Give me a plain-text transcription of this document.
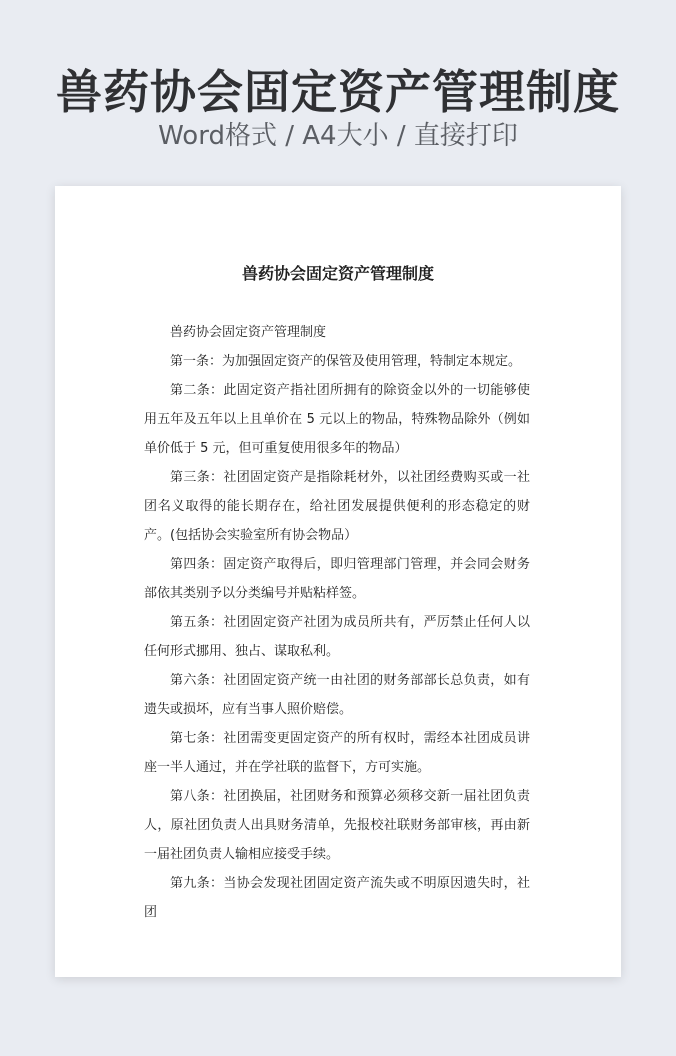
兽药协会固定资产管理制度
Word格式 / A4大小 / 直接打印
兽药协会固定资产管理制度

兽药协会固定资产管理制度

第一条：为加强固定资产的保管及使用管理，特制定本规定。

第二条：此固定资产指社团所拥有的除资金以外的一切能够使用五年及五年以上且单价在 5 元以上的物品，特殊物品除外（例如单价低于 5 元，但可重复使用很多年的物品）

第三条：社团固定资产是指除耗材外，以社团经费购买或一社团名义取得的能长期存在，给社团发展提供便利的形态稳定的财产。(包括协会实验室所有协会物品）

第四条：固定资产取得后，即归管理部门管理，并会同会财务部依其类别予以分类编号并贴粘样签。

第五条：社团固定资产社团为成员所共有，严厉禁止任何人以任何形式挪用、独占、谋取私利。

第六条：社团固定资产统一由社团的财务部部长总负责，如有遗失或损坏，应有当事人照价赔偿。

第七条：社团需变更固定资产的所有权时，需经本社团成员讲座一半人通过，并在学社联的监督下，方可实施。

第八条：社团换届，社团财务和预算必须移交新一届社团负责人，原社团负责人出具财务清单，先报校社联财务部审核，再由新一届社团负责人输相应接受手续。

第九条：当协会发现社团固定资产流失或不明原因遗失时，社团
